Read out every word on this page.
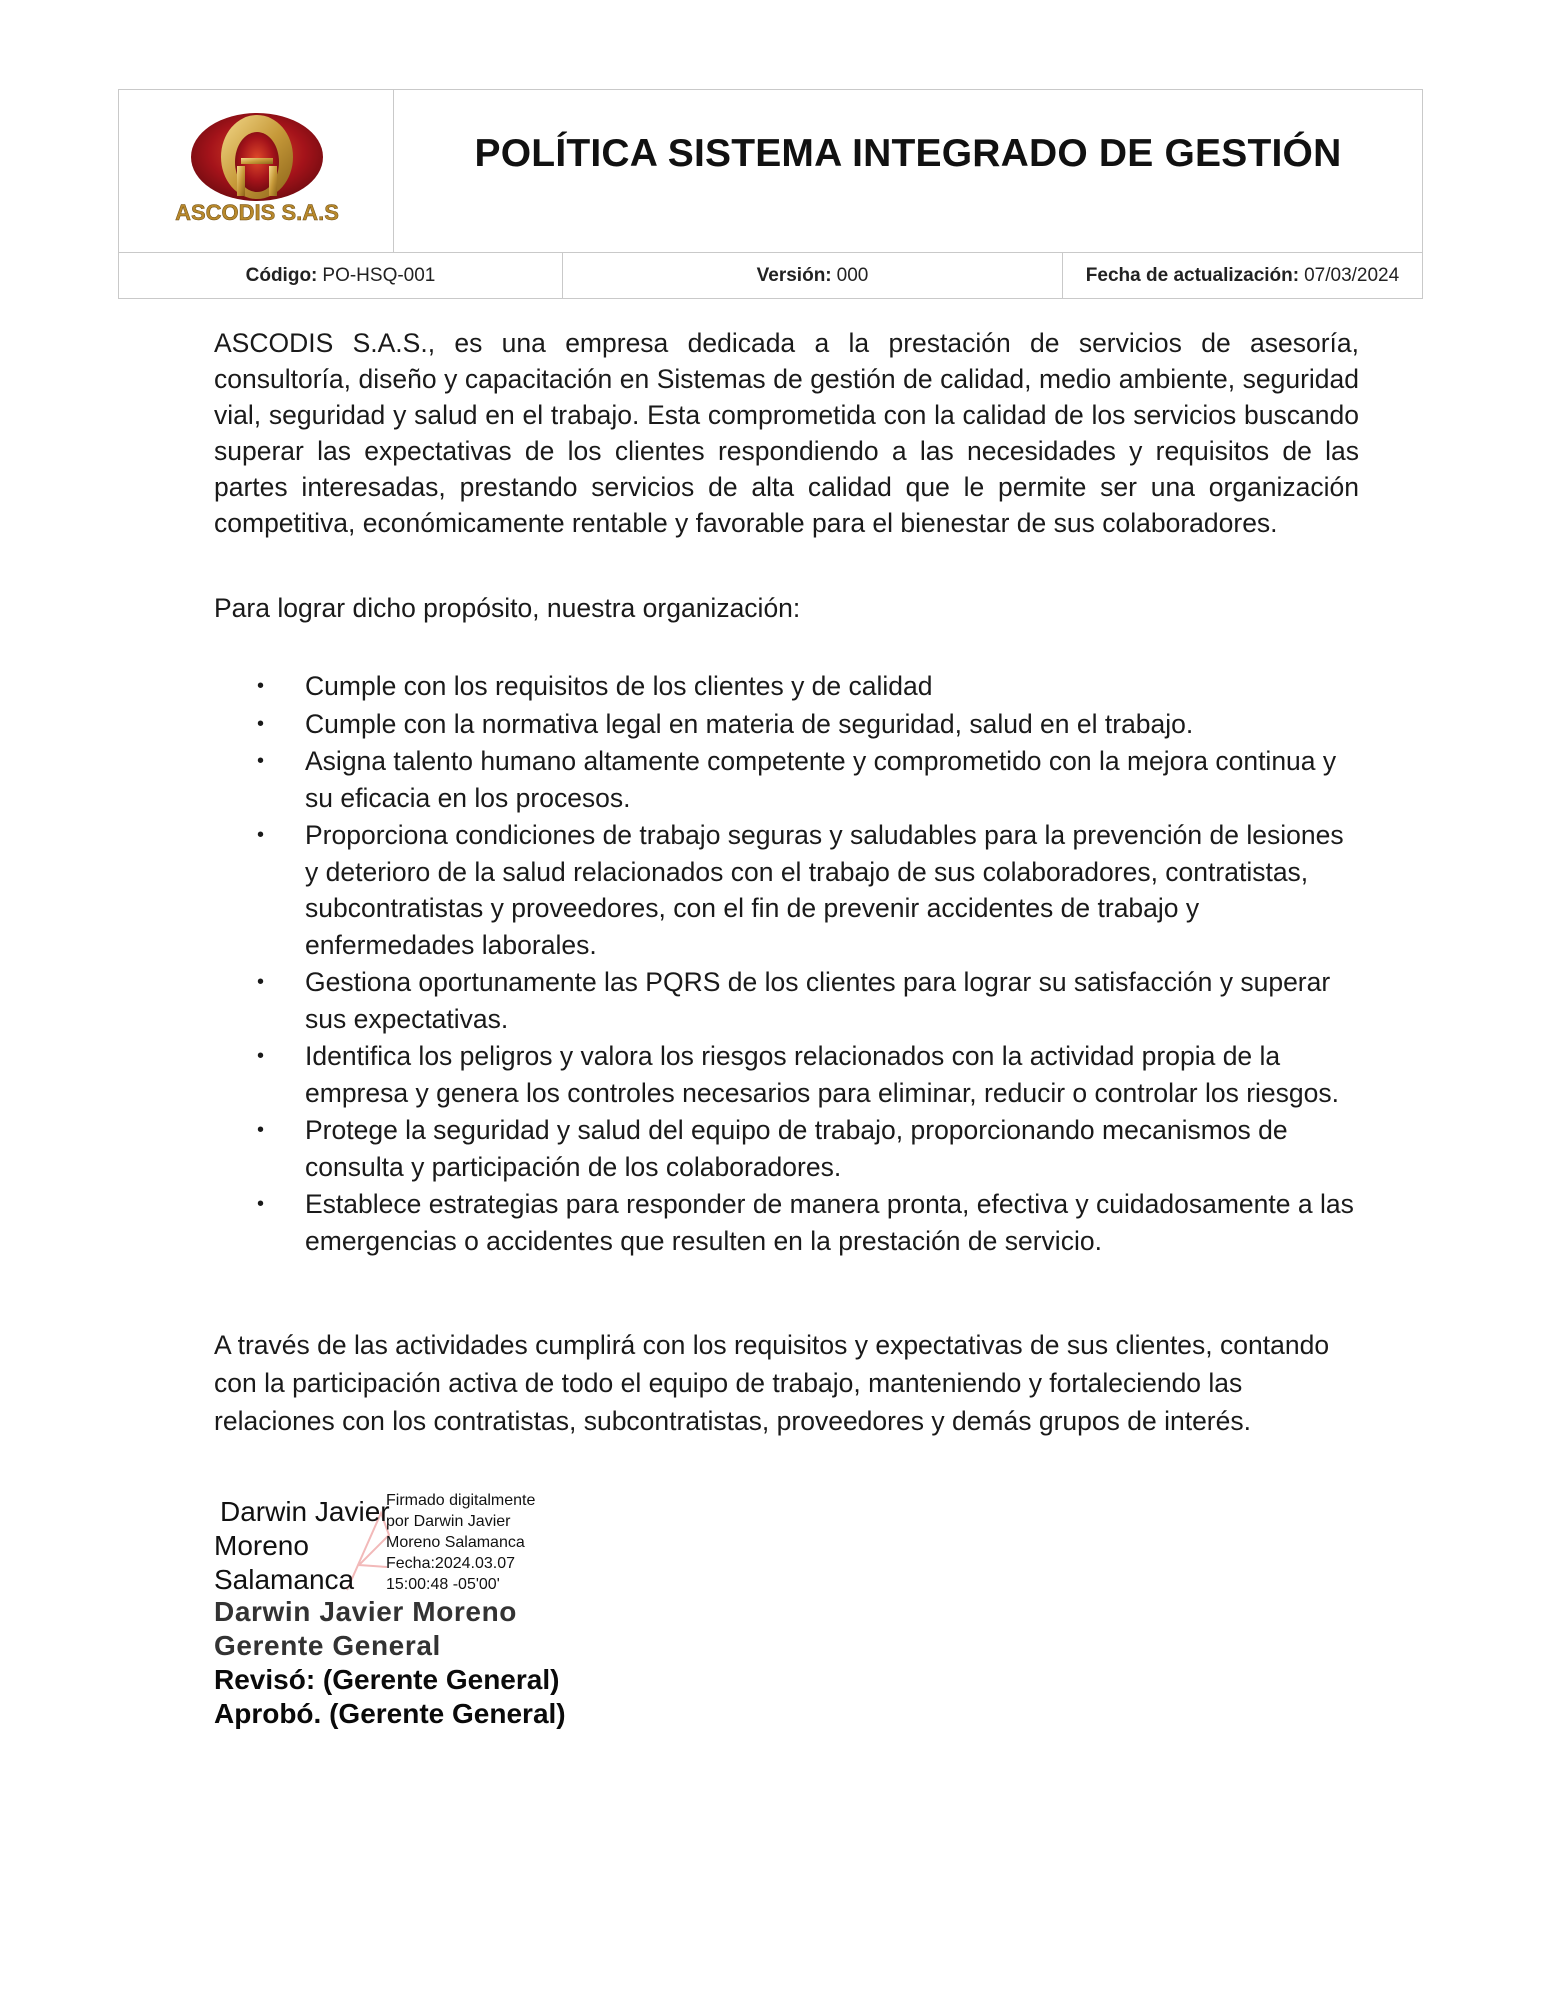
ASCODIS S.A.S
POLÍTICA SISTEMA INTEGRADO DE GESTIÓN
Código: PO-HSQ-001	Versión: 000	Fecha de actualización: 07/03/2024

ASCODIS S.A.S., es una empresa dedicada a la prestación de servicios de asesoría, consultoría, diseño y capacitación en Sistemas de gestión de calidad, medio ambiente, seguridad vial, seguridad y salud en el trabajo. Esta comprometida con la calidad de los servicios buscando superar las expectativas de los clientes respondiendo a las necesidades y requisitos de las partes interesadas, prestando servicios de alta calidad que le permite ser una organización competitiva, económicamente rentable y favorable para el bienestar de sus colaboradores.

Para lograr dicho propósito, nuestra organización:

• Cumple con los requisitos de los clientes y de calidad
• Cumple con la normativa legal en materia de seguridad, salud en el trabajo.
• Asigna talento humano altamente competente y comprometido con la mejora continua y su eficacia en los procesos.
• Proporciona condiciones de trabajo seguras y saludables para la prevención de lesiones y deterioro de la salud relacionados con el trabajo de sus colaboradores, contratistas, subcontratistas y proveedores, con el fin de prevenir accidentes de trabajo y enfermedades laborales.
• Gestiona oportunamente las PQRS de los clientes para lograr su satisfacción y superar sus expectativas.
• Identifica los peligros y valora los riesgos relacionados con la actividad propia de la empresa y genera los controles necesarios para eliminar, reducir o controlar los riesgos.
• Protege la seguridad y salud del equipo de trabajo, proporcionando mecanismos de consulta y participación de los colaboradores.
• Establece estrategias para responder de manera pronta, efectiva y cuidadosamente a las emergencias o accidentes que resulten en la prestación de servicio.

A través de las actividades cumplirá con los requisitos y expectativas de sus clientes, contando con la participación activa de todo el equipo de trabajo, manteniendo y fortaleciendo las relaciones con los contratistas, subcontratistas, proveedores y demás grupos de interés.

Darwin Javier
Moreno
Salamanca
Firmado digitalmente
por Darwin Javier
Moreno Salamanca
Fecha:2024.03.07
15:00:48 -05'00'
Darwin Javier Moreno
Gerente General
Revisó: (Gerente General)
Aprobó. (Gerente General)
